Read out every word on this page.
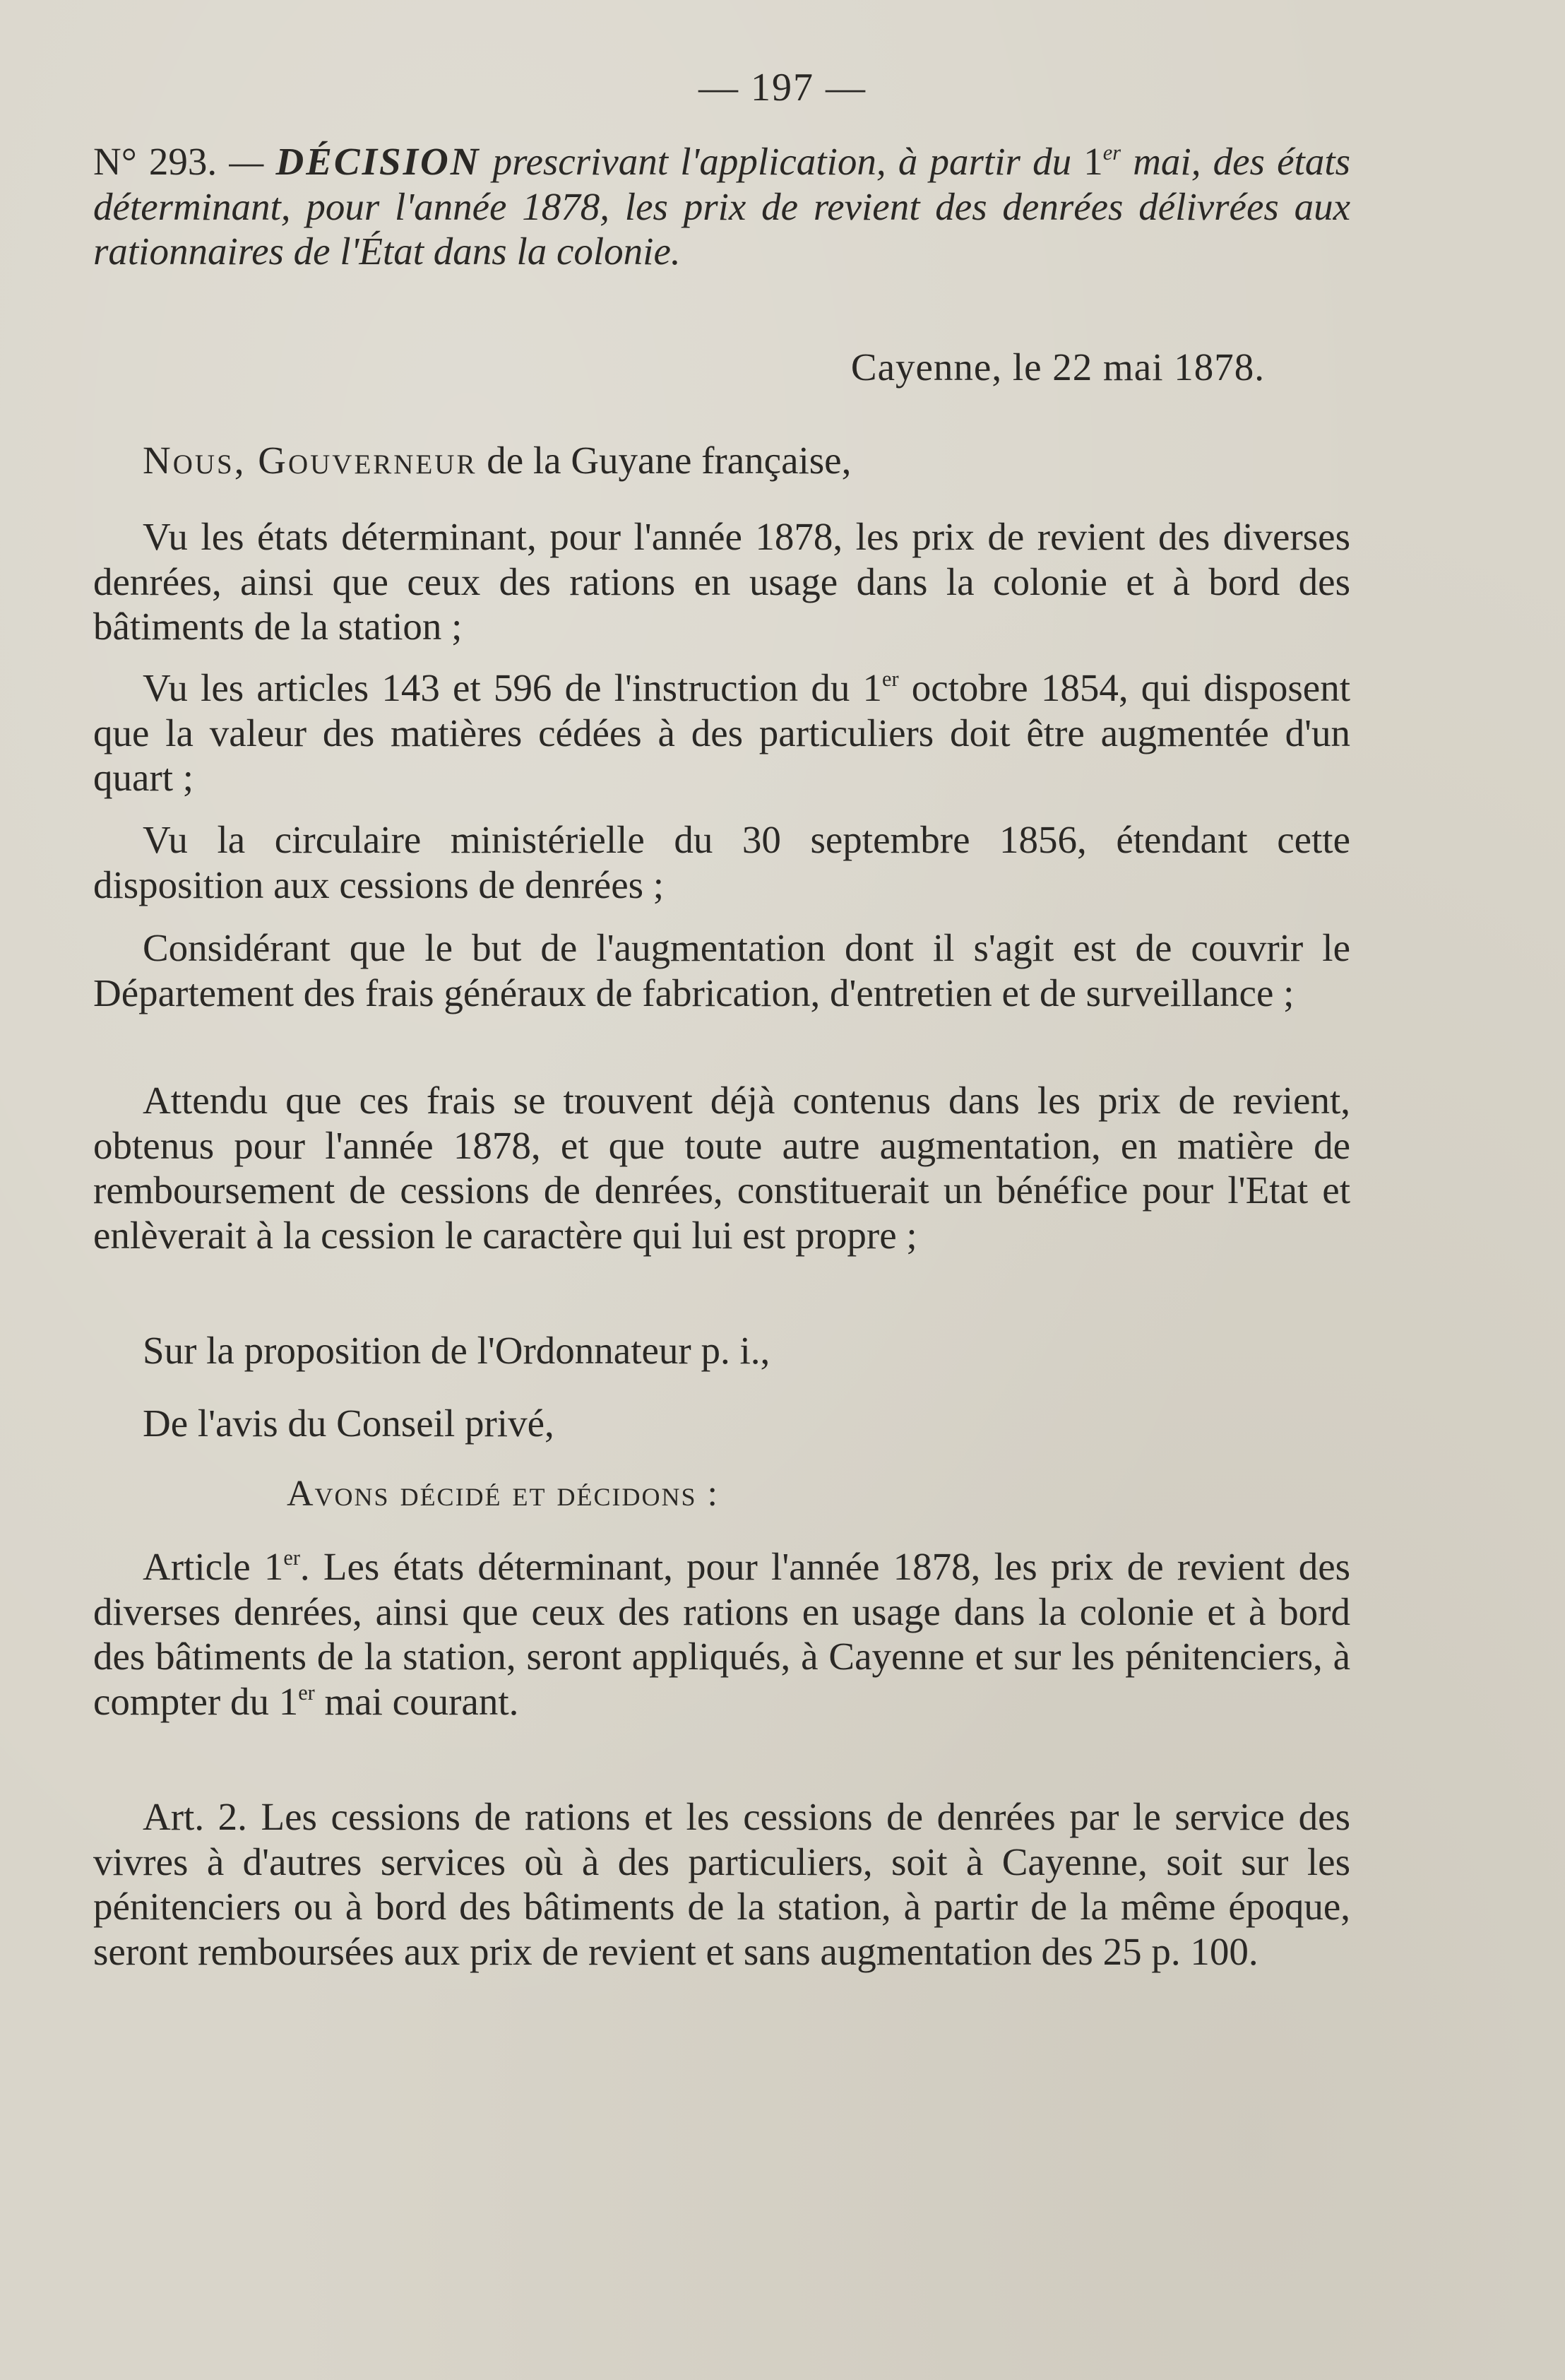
— 197 —
N° 293. — DÉCISION prescrivant l'application, à partir du 1er mai, des états déterminant, pour l'année 1878, les prix de revient des denrées délivrées aux rationnaires de l'État dans la colonie.
Cayenne, le 22 mai 1878.
Nous, Gouverneur de la Guyane française,
Vu les états déterminant, pour l'année 1878, les prix de revient des diverses denrées, ainsi que ceux des rations en usage dans la colonie et à bord des bâtiments de la station ;
Vu les articles 143 et 596 de l'instruction du 1er octobre 1854, qui disposent que la valeur des matières cédées à des particuliers doit être augmentée d'un quart ;
Vu la circulaire ministérielle du 30 septembre 1856, étendant cette disposition aux cessions de denrées ;
Considérant que le but de l'augmentation dont il s'agit est de couvrir le Département des frais généraux de fabrication, d'entretien et de surveillance ;
Attendu que ces frais se trouvent déjà contenus dans les prix de revient, obtenus pour l'année 1878, et que toute autre augmentation, en matière de remboursement de cessions de denrées, constituerait un bénéfice pour l'Etat et enlèverait à la cession le caractère qui lui est propre ;
Sur la proposition de l'Ordonnateur p. i.,
De l'avis du Conseil privé,
Avons décidé et décidons :
Article 1er. Les états déterminant, pour l'année 1878, les prix de revient des diverses denrées, ainsi que ceux des rations en usage dans la colonie et à bord des bâtiments de la station, seront appliqués, à Cayenne et sur les pénitenciers, à compter du 1er mai courant.
Art. 2. Les cessions de rations et les cessions de denrées par le service des vivres à d'autres services où à des particuliers, soit à Cayenne, soit sur les pénitenciers ou à bord des bâtiments de la station, à partir de la même époque, seront remboursées aux prix de revient et sans augmentation des 25 p. 100.
